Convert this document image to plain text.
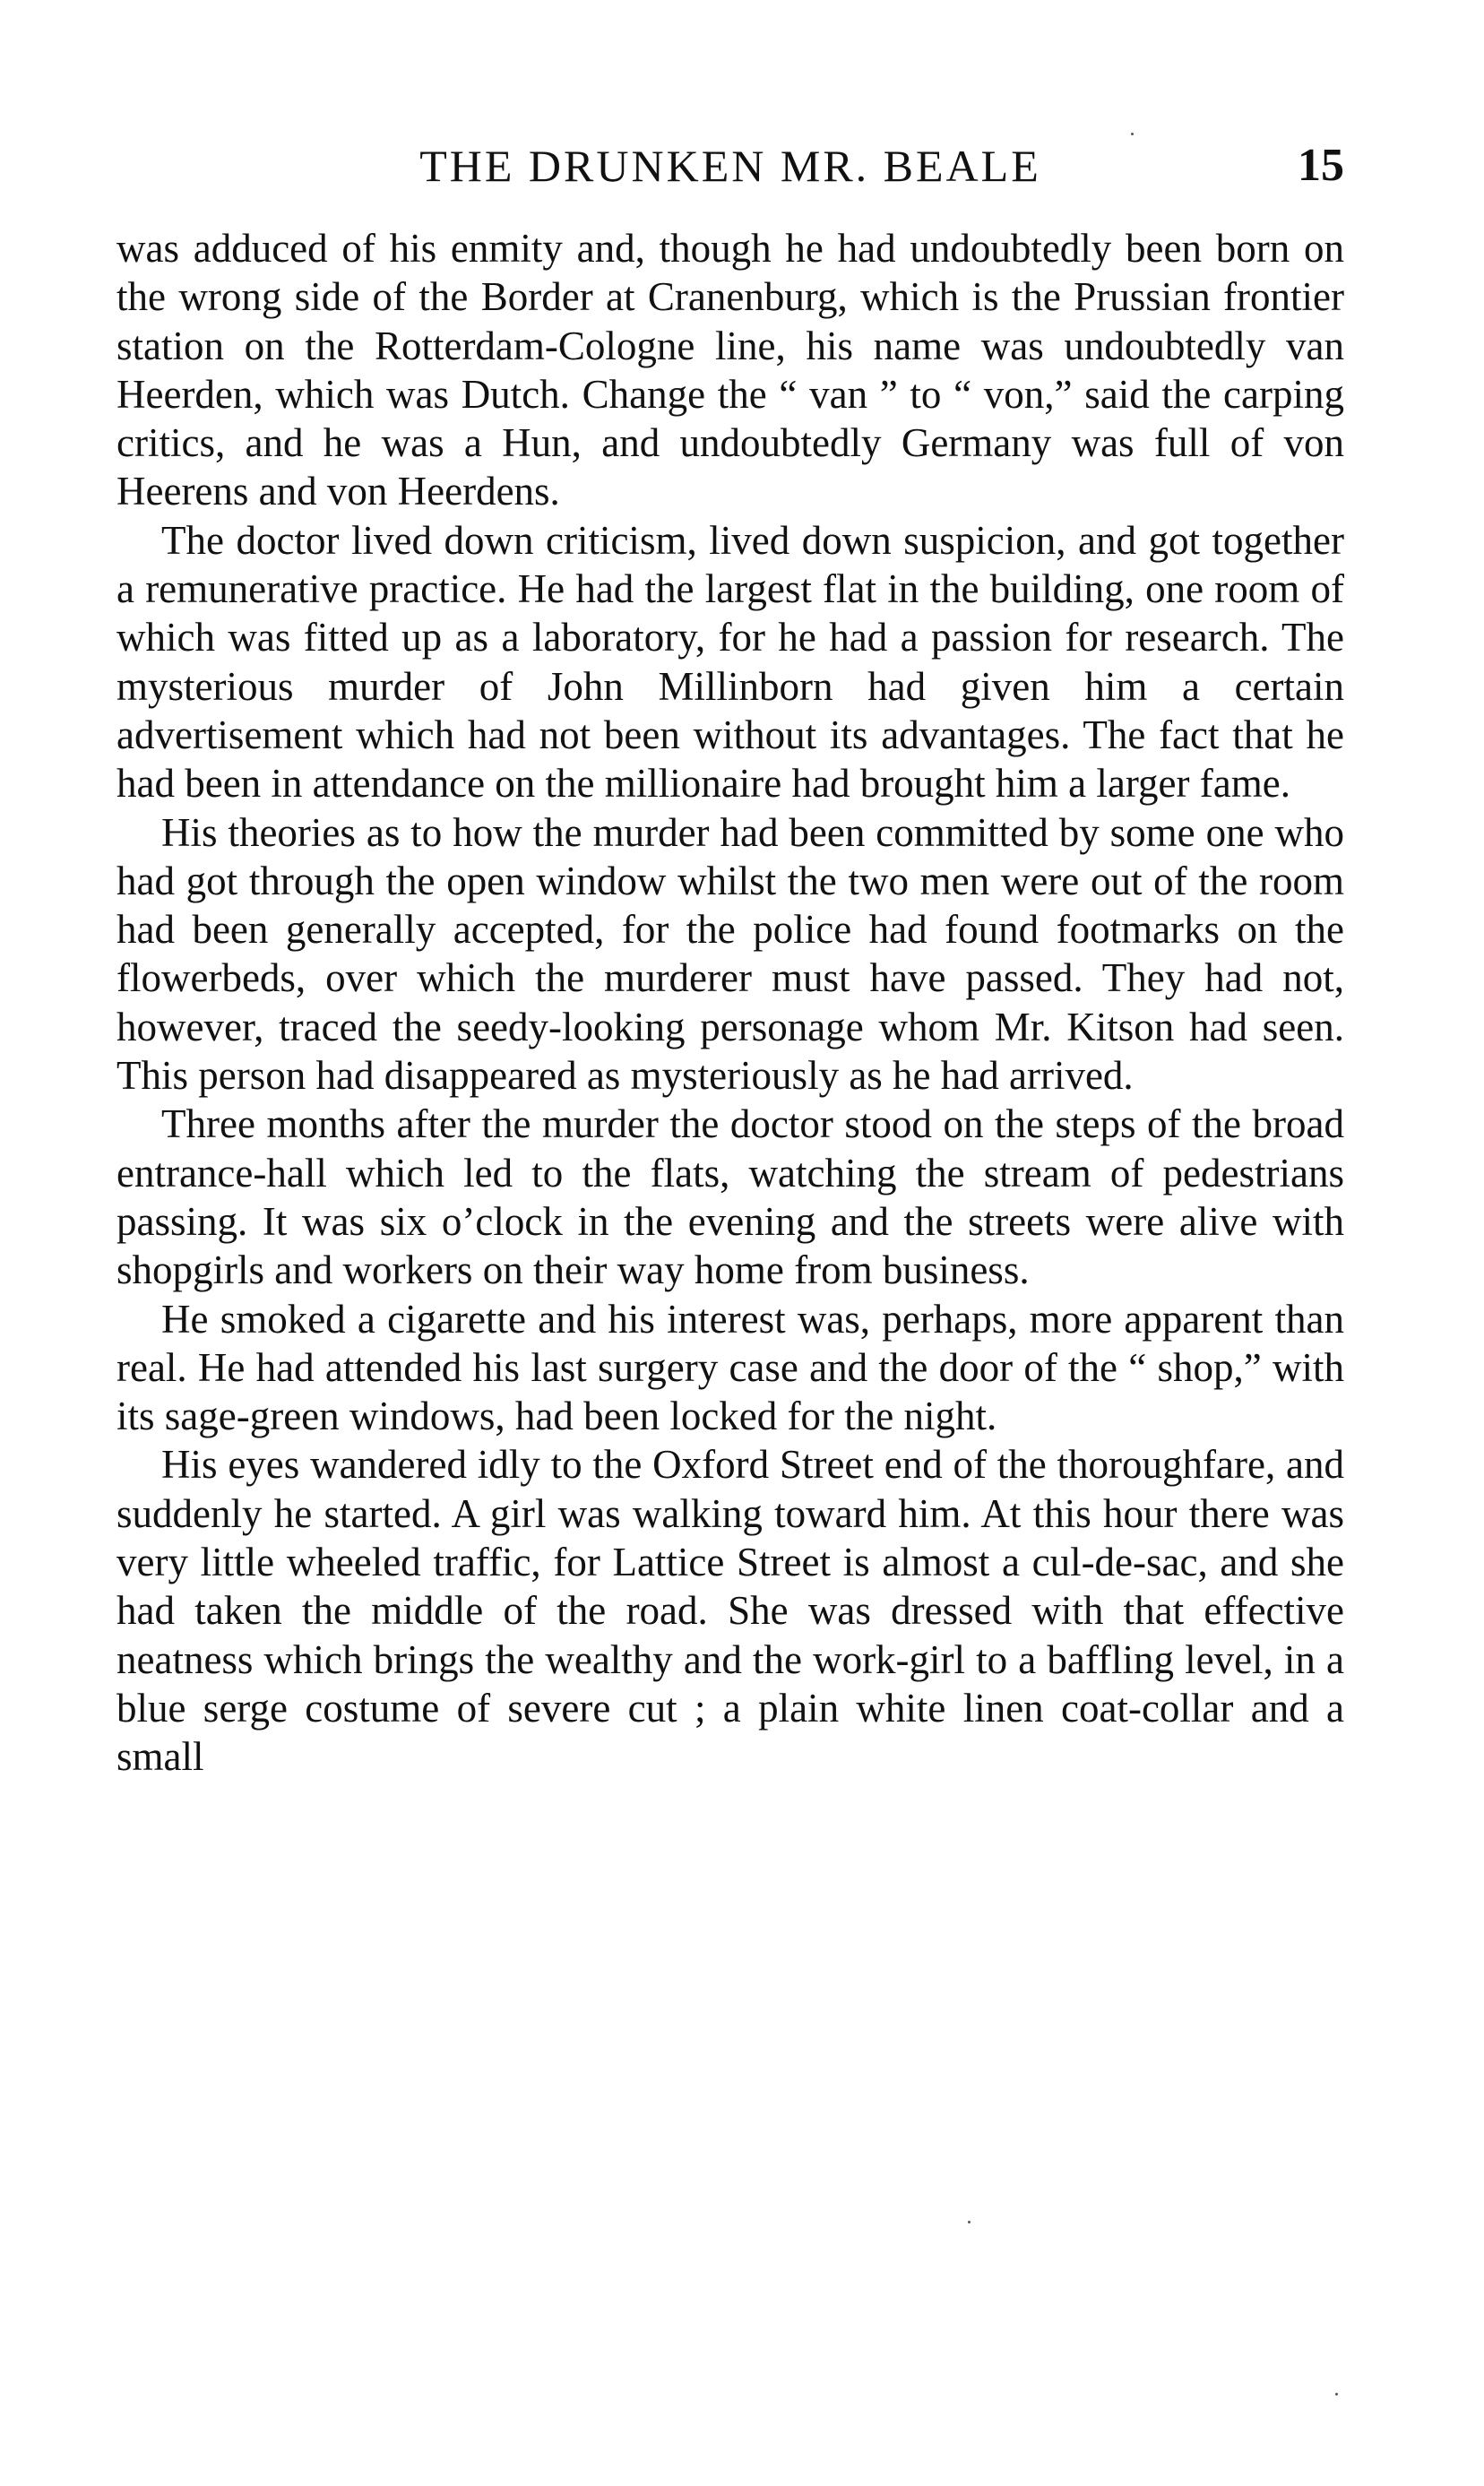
THE DRUNKEN MR. BEALE	15

was adduced of his enmity and, though he had undoubtedly been born on the wrong side of the Border at Cranenburg, which is the Prussian frontier station on the Rotterdam-Cologne line, his name was undoubtedly van Heerden, which was Dutch. Change the “ van ” to “ von,” said the carping critics, and he was a Hun, and undoubtedly Germany was full of von Heerens and von Heerdens.

The doctor lived down criticism, lived down suspicion, and got together a remunerative practice. He had the largest flat in the building, one room of which was fitted up as a laboratory, for he had a passion for research. The mysterious murder of John Millinborn had given him a certain advertisement which had not been without its advantages. The fact that he had been in attendance on the millionaire had brought him a larger fame.

His theories as to how the murder had been committed by some one who had got through the open window whilst the two men were out of the room had been generally accepted, for the police had found footmarks on the flowerbeds, over which the murderer must have passed. They had not, however, traced the seedy-looking personage whom Mr. Kitson had seen. This person had disappeared as mysteriously as he had arrived.

Three months after the murder the doctor stood on the steps of the broad entrance-hall which led to the flats, watching the stream of pedestrians passing. It was six o’clock in the evening and the streets were alive with shopgirls and workers on their way home from business.

He smoked a cigarette and his interest was, perhaps, more apparent than real. He had attended his last surgery case and the door of the “ shop,” with its sage-green windows, had been locked for the night.

His eyes wandered idly to the Oxford Street end of the thoroughfare, and suddenly he started. A girl was walking toward him. At this hour there was very little wheeled traffic, for Lattice Street is almost a cul-de-sac, and she had taken the middle of the road. She was dressed with that effective neatness which brings the wealthy and the work-girl to a baffling level, in a blue serge costume of severe cut ; a plain white linen coat-collar and a small
